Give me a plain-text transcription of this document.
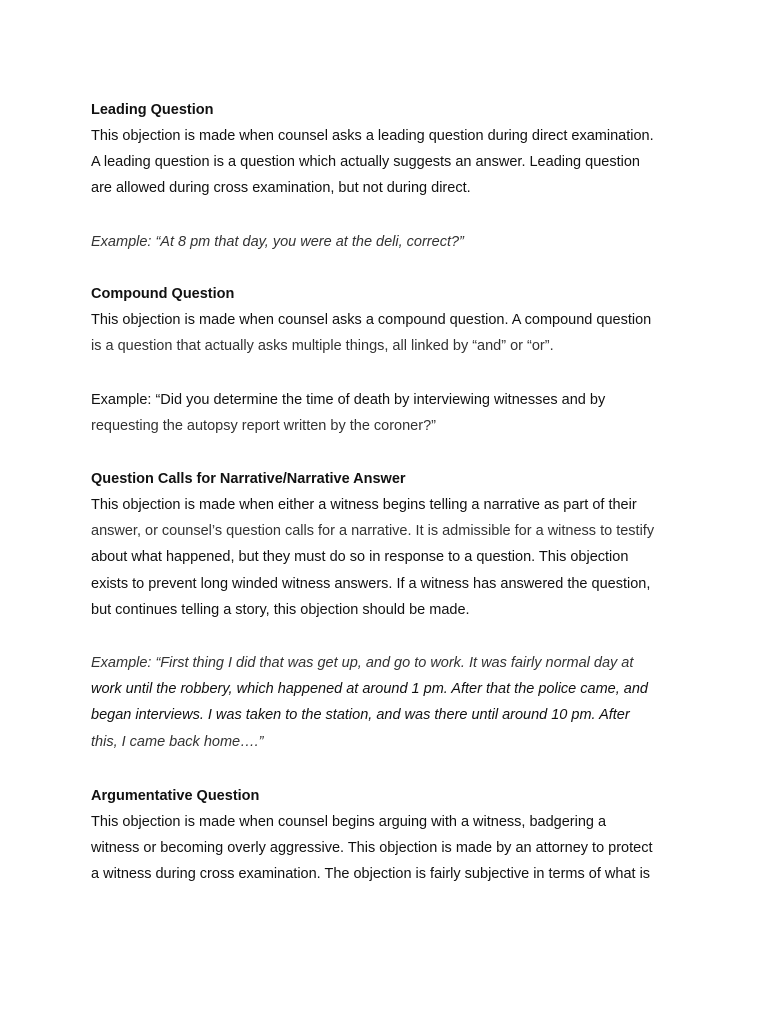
Leading Question
This objection is made when counsel asks a leading question during direct examination.
A leading question is a question which actually suggests an answer. Leading question
are allowed during cross examination, but not during direct.
Example: “At 8 pm that day, you were at the deli, correct?”
Compound Question
This objection is made when counsel asks a compound question. A compound question
is a question that actually asks multiple things, all linked by “and” or “or”.
Example: “Did you determine the time of death by interviewing witnesses and by
requesting the autopsy report written by the coroner?”
Question Calls for Narrative/Narrative Answer
This objection is made when either a witness begins telling a narrative as part of their
answer, or counsel’s question calls for a narrative. It is admissible for a witness to testify
about what happened, but they must do so in response to a question. This objection
exists to prevent long winded witness answers. If a witness has answered the question,
but continues telling a story, this objection should be made.
Example: “First thing I did that was get up, and go to work. It was fairly normal day at
work until the robbery, which happened at around 1 pm. After that the police came, and
began interviews. I was taken to the station, and was there until around 10 pm. After
this, I came back home….”
Argumentative Question
This objection is made when counsel begins arguing with a witness, badgering a
witness or becoming overly aggressive. This objection is made by an attorney to protect
a witness during cross examination. The objection is fairly subjective in terms of what is
